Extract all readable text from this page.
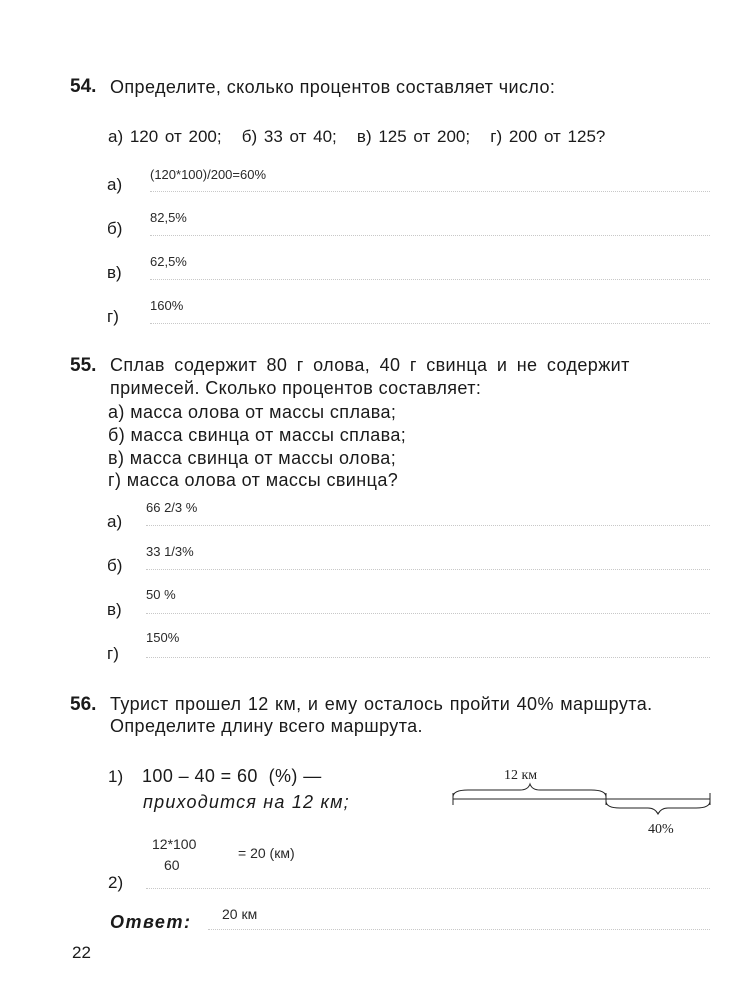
54. Определите, сколько процентов составляет число:
а) 120 от 200;   б) 33 от 40;   в) 125 от 200;   г) 200 от 125?
а)
(120*100)/200=60%
б)
82,5%
в)
62,5%
г)
160%
55. Сплав содержит 80 г олова, 40 г свинца и не содержит
примесей. Сколько процентов составляет:
а) масса олова от массы сплава;
б) масса свинца от массы сплава;
в) масса свинца от массы олова;
г) масса олова от массы свинца?
а)
66 2/3 %
б)
33 1/3%
в)
50 %
г)
150%
56. Турист прошел 12 км, и ему осталось пройти 40% маршрута.
Определите длину всего маршрута.
1) 100 – 40 = 60  (%) —
приходится на 12 км;
12 км
40%
12*100
60
= 20 (км)
2)
Ответ: 20 км
22
